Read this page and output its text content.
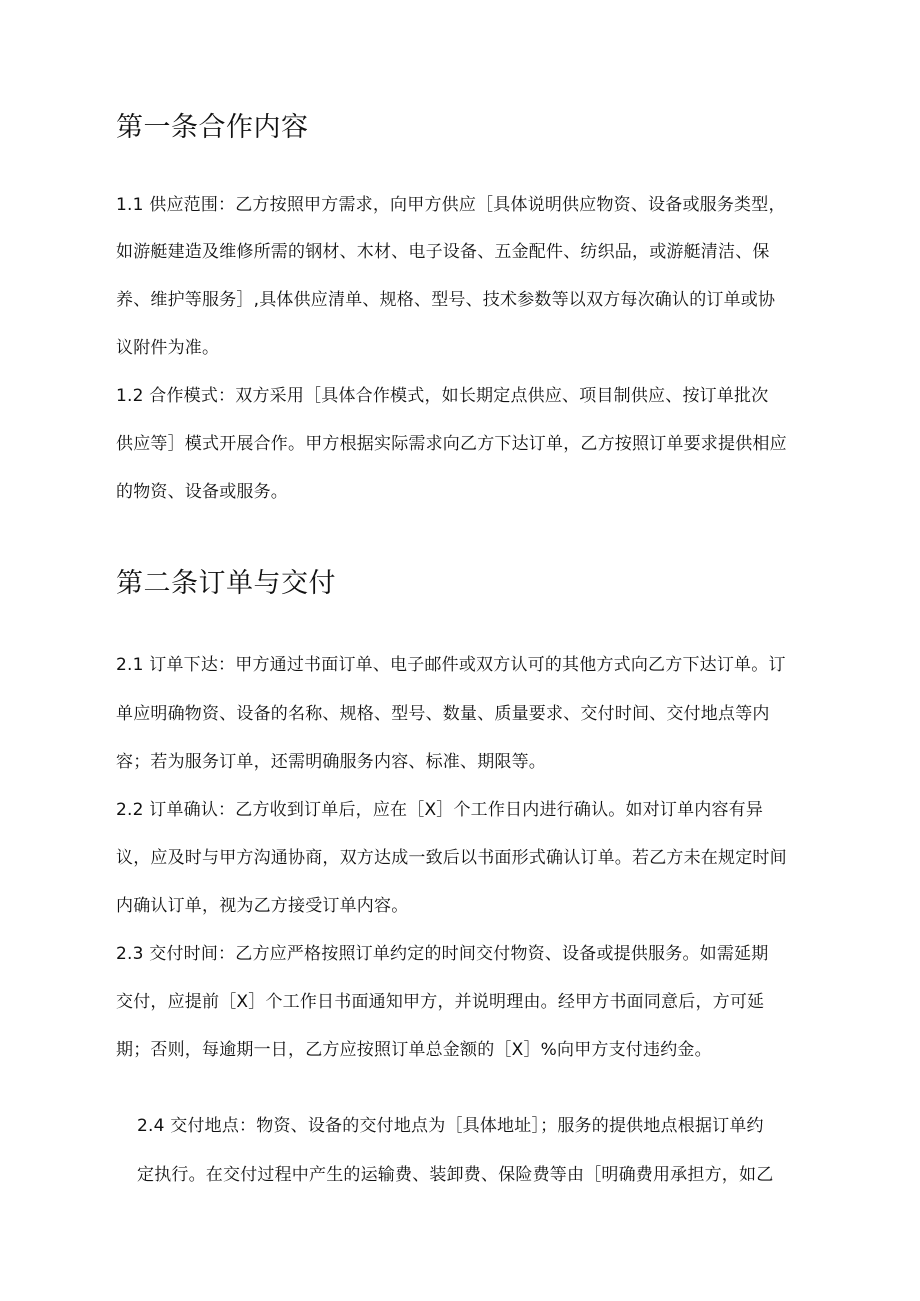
第一条合作内容

1.1 供应范围：乙方按照甲方需求，向甲方供应［具体说明供应物资、设备或服务类型，

如游艇建造及维修所需的钢材、木材、电子设备、五金配件、纺织品，或游艇清洁、保

养、维护等服务］,具体供应清单、规格、型号、技术参数等以双方每次确认的订单或协

议附件为准。

1.2 合作模式：双方采用［具体合作模式，如长期定点供应、项目制供应、按订单批次

供应等］模式开展合作。甲方根据实际需求向乙方下达订单，乙方按照订单要求提供相应

的物资、设备或服务。

第二条订单与交付

2.1 订单下达：甲方通过书面订单、电子邮件或双方认可的其他方式向乙方下达订单。订

单应明确物资、设备的名称、规格、型号、数量、质量要求、交付时间、交付地点等内

容；若为服务订单，还需明确服务内容、标准、期限等。

2.2 订单确认：乙方收到订单后，应在［X］个工作日内进行确认。如对订单内容有异

议，应及时与甲方沟通协商，双方达成一致后以书面形式确认订单。若乙方未在规定时间

内确认订单，视为乙方接受订单内容。

2.3 交付时间：乙方应严格按照订单约定的时间交付物资、设备或提供服务。如需延期

交付，应提前［X］个工作日书面通知甲方，并说明理由。经甲方书面同意后，方可延

期；否则，每逾期一日，乙方应按照订单总金额的［X］%向甲方支付违约金。

2.4 交付地点：物资、设备的交付地点为［具体地址］；服务的提供地点根据订单约

定执行。在交付过程中产生的运输费、装卸费、保险费等由［明确费用承担方，如乙
